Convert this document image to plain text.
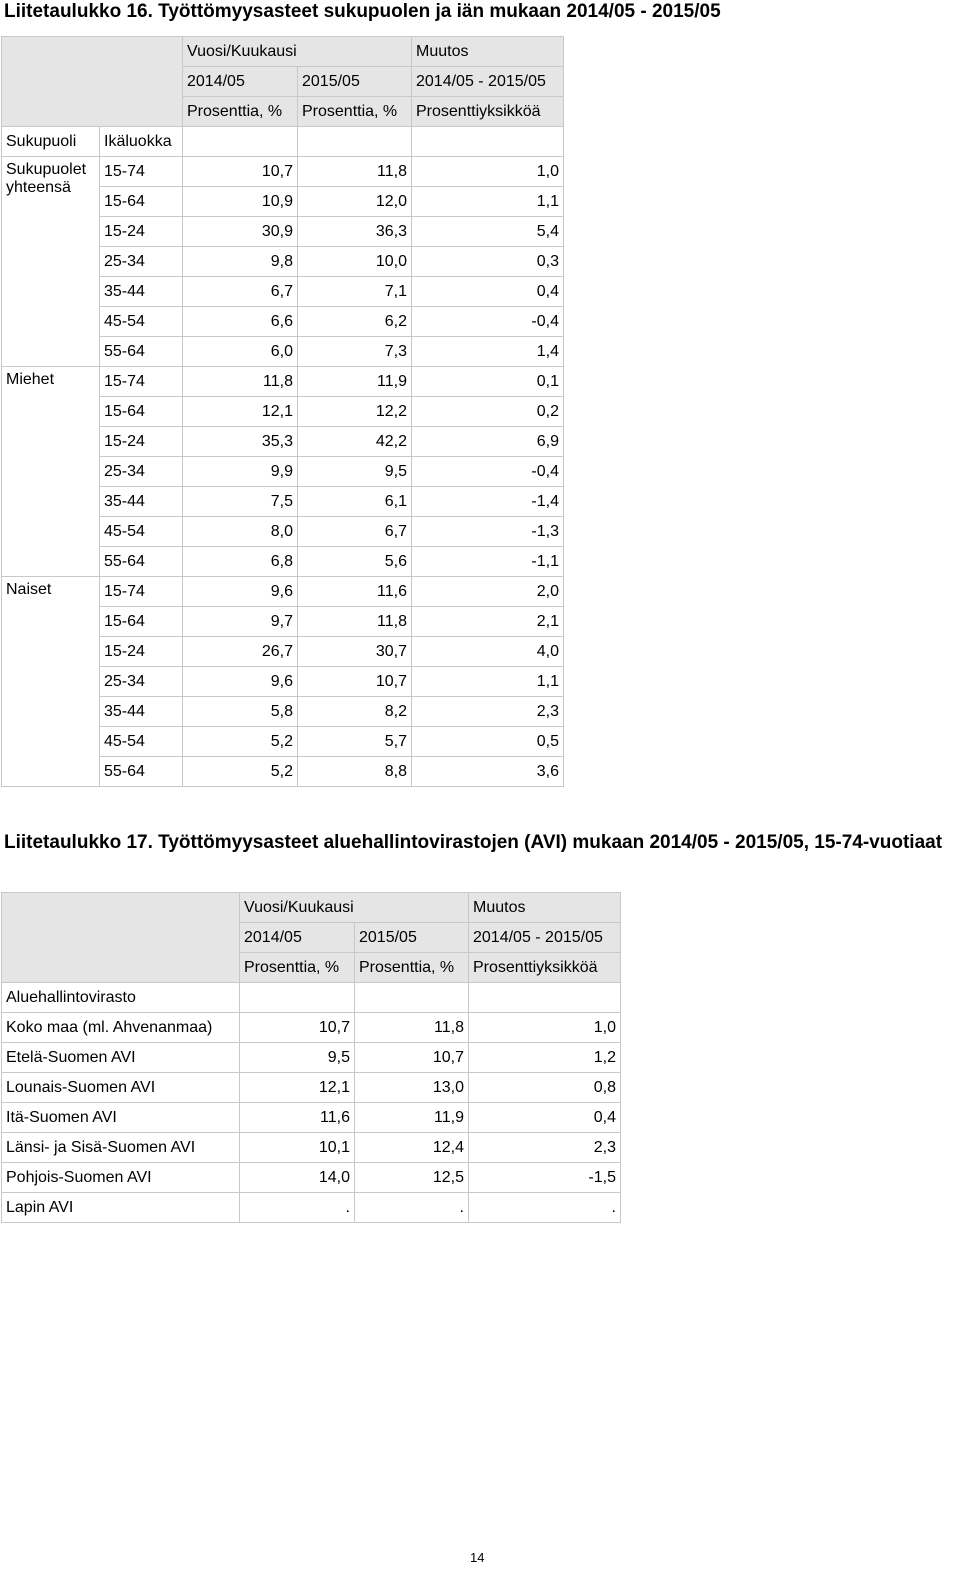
Liitetaulukko 16. Työttömyysasteet sukupuolen ja iän mukaan 2014/05 - 2015/05
		Vuosi/Kuukausi		Muutos
		2014/05	2015/05	2014/05 - 2015/05
		Prosenttia, %	Prosenttia, %	Prosenttiyksikköä
Sukupuoli	Ikäluokka			
Sukupuolet yhteensä	15-74	10,7	11,8	1,0
	15-64	10,9	12,0	1,1
	15-24	30,9	36,3	5,4
	25-34	9,8	10,0	0,3
	35-44	6,7	7,1	0,4
	45-54	6,6	6,2	-0,4
	55-64	6,0	7,3	1,4
Miehet	15-74	11,8	11,9	0,1
	15-64	12,1	12,2	0,2
	15-24	35,3	42,2	6,9
	25-34	9,9	9,5	-0,4
	35-44	7,5	6,1	-1,4
	45-54	8,0	6,7	-1,3
	55-64	6,8	5,6	-1,1
Naiset	15-74	9,6	11,6	2,0
	15-64	9,7	11,8	2,1
	15-24	26,7	30,7	4,0
	25-34	9,6	10,7	1,1
	35-44	5,8	8,2	2,3
	45-54	5,2	5,7	0,5
	55-64	5,2	8,8	3,6
Liitetaulukko 17. Työttömyysasteet aluehallintovirastojen (AVI) mukaan 2014/05 - 2015/05, 15-74-vuotiaat
	Vuosi/Kuukausi		Muutos
	2014/05	2015/05	2014/05 - 2015/05
	Prosenttia, %	Prosenttia, %	Prosenttiyksikköä
Aluehallintovirasto			
Koko maa (ml. Ahvenanmaa)	10,7	11,8	1,0
Etelä-Suomen AVI	9,5	10,7	1,2
Lounais-Suomen AVI	12,1	13,0	0,8
Itä-Suomen AVI	11,6	11,9	0,4
Länsi- ja Sisä-Suomen AVI	10,1	12,4	2,3
Pohjois-Suomen AVI	14,0	12,5	-1,5
Lapin AVI	.	.	.
14
